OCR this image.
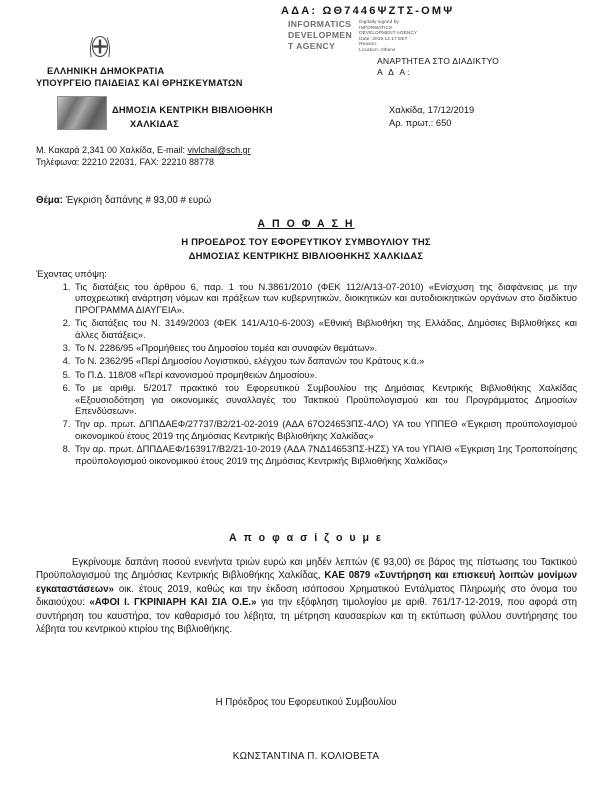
ΑΔΑ: ΩΘ7446ΨΖΤΣ-ΟΜΨ
INFORMATICS
DEVELOPMEN
T AGENCY
Digitally signed by
INFORMATICS
DEVELOPMENT AGENCY
Date: 2019.12.17 EET
Reason:
Location: Athens
ΑΝΑΡΤΗΤΕΑ ΣΤΟ ΔΙΑΔΙΚΤΥΟ
Α Δ Α:
ΕΛΛΗΝΙΚΗ ΔΗΜΟΚΡΑΤΙΑ
ΥΠΟΥΡΓΕΙΟ ΠΑΙΔΕΙΑΣ ΚΑΙ ΘΡΗΣΚΕΥΜΑΤΩΝ
ΔΗΜΟΣΙΑ ΚΕΝΤΡΙΚΗ ΒΙΒΛΙΟΘΗΚΗ
ΧΑΛΚΙΔΑΣ
Χαλκίδα, 17/12/2019
Αρ. πρωτ.: 650
Μ. Κακαρά 2,341 00 Χαλκίδα, E-mail: vivlchal@sch.gr
Τηλέφωνα: 22210 22031, FAX: 22210 88778
Θέμα: Έγκριση δαπάνης # 93,00 # ευρώ
Α Π Ο Φ Α Σ Η
Η ΠΡΟΕΔΡΟΣ ΤΟΥ ΕΦΟΡΕΥΤΙΚΟΥ ΣΥΜΒΟΥΛΙΟΥ ΤΗΣ
ΔΗΜΟΣΙΑΣ ΚΕΝΤΡΙΚΗΣ ΒΙΒΛΙΟΘΗΚΗΣ ΧΑΛΚΙΔΑΣ
Έχοντας υπόψη:
1. Τις διατάξεις του άρθρου 6, παρ. 1 του Ν.3861/2010 (ΦΕΚ 112/Α/13-07-2010) «Ενίσχυση της διαφάνειας με την υποχρεωτική ανάρτηση νόμων και πράξεων των κυβερνητικών, διοικητικών και αυτοδιοικητικών οργάνων στο διαδίκτυο ΠΡΟΓΡΑΜΜΑ ΔΙΑΥΓΕΙΑ».
2. Τις διατάξεις του Ν. 3149/2003 (ΦΕΚ 141/Α/10-6-2003) «Εθνική Βιβλιοθήκη της Ελλάδας, Δημόσιες Βιβλιοθήκες και άλλες διατάξεις».
3. Το Ν. 2286/95 «Προμήθειες του Δημοσίου τομέα και συναφών θεμάτων».
4. Το Ν. 2362/95 «Περί Δημοσίου Λογιστικού, ελέγχου των δαπανών του Κράτους κ.ά.»
5. Το Π.Δ. 118/08 «Περί κανονισμού προμηθειών Δημοσίου».
6. Το με αριθμ. 5/2017 πρακτικό του Εφορευτικού Συμβουλίου της Δημόσιας Κεντρικής Βιβλιοθήκης Χαλκίδας «Εξουσιοδότηση για οικονομικές συναλλαγές του Τακτικού Προϋπολογισμού και του Προγράμματος Δημοσίων Επενδύσεων».
7. Την αρ. πρωτ. ΔΠΠΔΑΕΦ/27737/Β2/21-02-2019 (ΑΔΑ 67Ο24653ΠΣ-4ΛΟ) ΥΑ του ΥΠΠΕΘ «Έγκριση προϋπολογισμού οικονομικού έτους 2019 της Δημόσιας Κεντρικής Βιβλιοθήκης Χαλκίδας»
8. Την αρ. πρωτ. ΔΠΠΔΑΕΦ/163917/Β2/21-10-2019 (ΑΔΑ 7ΝΔ14653ΠΣ-ΗΖΣ) ΥΑ του ΥΠΑΙΘ «Έγκριση 1ης Τροποποίησης προϋπολογισμού οικονομικού έτους 2019 της Δημόσιας Κεντρικής Βιβλιοθήκης Χαλκίδας»
Α π ο φ α σ ί ζ ο υ μ ε
Εγκρίνουμε δαπάνη ποσού ενενήντα τριών ευρώ και μηδέν λεπτών (€ 93,00) σε βάρος της πίστωσης του Τακτικού Προϋπολογισμού της Δημόσιας Κεντρικής Βιβλιοθήκης Χαλκίδας, ΚΑΕ 0879 «Συντήρηση και επισκευή λοιπών μονίμων εγκαταστάσεων» οικ. έτους 2019, καθώς και την έκδοση ισόποσου Χρηματικού Εντάλματος Πληρωμής στο όνομα του δικαιούχου: «ΑΦΟΙ Ι. ΓΚΡΙΝΙΑΡΗ ΚΑΙ ΣΙΑ Ο.Ε.» για την εξόφληση τιμολογίου με αριθ. 761/17-12-2019, που αφορά στη συντήρηση του καυστήρα, τον καθαρισμό του λέβητα, τη μέτρηση καυσαερίων και τη εκτύπωση φύλλου συντήρησης του λέβητα του κεντρικού κτιρίου της Βιβλιοθήκης.
Η Πρόεδρος του Εφορευτικού Συμβουλίου
ΚΩΝΣΤΑΝΤΙΝΑ Π. ΚΟΛΙΟΒΕΤΑ
